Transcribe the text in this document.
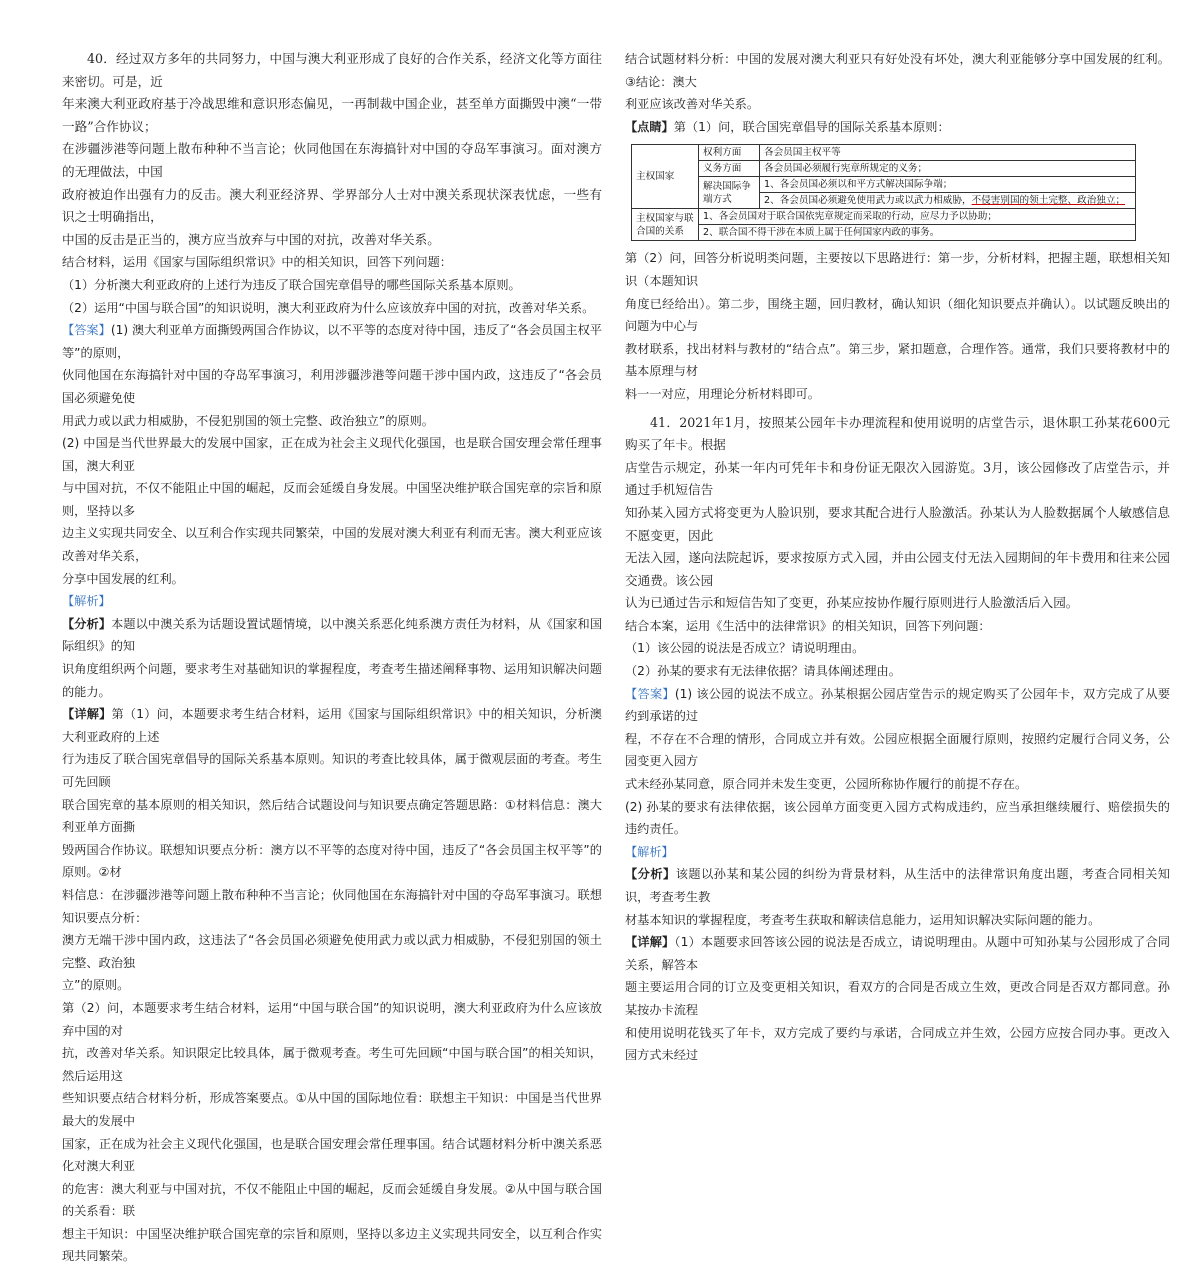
40．经过双方多年的共同努力，中国与澳大利亚形成了良好的合作关系，经济文化等方面往来密切。可是，近

年来澳大利亚政府基于冷战思维和意识形态偏见，一再制裁中国企业，甚至单方面撕毁中澳“一带一路”合作协议；

在涉疆涉港等问题上散布种种不当言论；伙同他国在东海搞针对中国的夺岛军事演习。面对澳方的无理做法，中国

政府被迫作出强有力的反击。澳大利亚经济界、学界部分人士对中澳关系现状深表忧虑，一些有识之士明确指出，

中国的反击是正当的，澳方应当放弃与中国的对抗，改善对华关系。

结合材料，运用《国家与国际组织常识》中的相关知识，回答下列问题：

（1）分析澳大利亚政府的上述行为违反了联合国宪章倡导的哪些国际关系基本原则。

（2）运用“中国与联合国”的知识说明，澳大利亚政府为什么应该放弃中国的对抗，改善对华关系。

【答案】(1) 澳大利亚单方面撕毁两国合作协议，以不平等的态度对待中国，违反了“各会员国主权平等”的原则，

伙同他国在东海搞针对中国的夺岛军事演习，利用涉疆涉港等问题干涉中国内政，这违反了“各会员国必须避免使

用武力或以武力相威胁，不侵犯别国的领土完整、政治独立”的原则。

(2) 中国是当代世界最大的发展中国家，正在成为社会主义现代化强国，也是联合国安理会常任理事国，澳大利亚

与中国对抗，不仅不能阻止中国的崛起，反而会延缓自身发展。中国坚决维护联合国宪章的宗旨和原则，坚持以多

边主义实现共同安全、以互利合作实现共同繁荣，中国的发展对澳大利亚有利而无害。澳大利亚应该改善对华关系，

分享中国发展的红利。

【解析】

【分析】本题以中澳关系为话题设置试题情境，以中澳关系恶化纯系澳方责任为材料，从《国家和国际组织》的知

识角度组织两个问题，要求考生对基础知识的掌握程度，考查考生描述阐释事物、运用知识解决问题的能力。

【详解】第（1）问，本题要求考生结合材料，运用《国家与国际组织常识》中的相关知识，分析澳大利亚政府的上述

行为违反了联合国宪章倡导的国际关系基本原则。知识的考查比较具体，属于微观层面的考查。考生可先回顾

联合国宪章的基本原则的相关知识，然后结合试题设问与知识要点确定答题思路：①材料信息：澳大利亚单方面撕

毁两国合作协议。联想知识要点分析：澳方以不平等的态度对待中国，违反了“各会员国主权平等”的原则。②材

料信息：在涉疆涉港等问题上散布种种不当言论；伙同他国在东海搞针对中国的夺岛军事演习。联想知识要点分析：

澳方无端干涉中国内政，这违法了“各会员国必须避免使用武力或以武力相威胁，不侵犯别国的领土完整、政治独

立”的原则。

第（2）问，本题要求考生结合材料，运用“中国与联合国”的知识说明，澳大利亚政府为什么应该放弃中国的对

抗，改善对华关系。知识限定比较具体，属于微观考查。考生可先回顾“中国与联合国”的相关知识，然后运用这

些知识要点结合材料分析，形成答案要点。①从中国的国际地位看：联想主干知识：中国是当代世界最大的发展中

国家，正在成为社会主义现代化强国，也是联合国安理会常任理事国。结合试题材料分析中澳关系恶化对澳大利亚

的危害：澳大利亚与中国对抗，不仅不能阻止中国的崛起，反而会延缓自身发展。②从中国与联合国的关系看：联

想主干知识：中国坚决维护联合国宪章的宗旨和原则，坚持以多边主义实现共同安全，以互利合作实现共同繁荣。

结合试题材料分析：中国的发展对澳大利亚只有好处没有坏处，澳大利亚能够分享中国发展的红利。③结论：澳大

利亚应该改善对华关系。

【点睛】第（1）问，联合国宪章倡导的国际关系基本原则：

主权国家	权利方面	各会员国主权平等
	义务方面	各会员国必须履行宪章所规定的义务；
	解决国际争端方式	1、各会员国必须以和平方式解决国际争端；
		2、各会员国必须避免使用武力或以武力相威胁，不侵害别国的领土完整、政治独立；
主权国家与联合国的关系	1、各会员国对于联合国依宪章规定而采取的行动，应尽力予以协助；	
	2、联合国不得干涉在本质上属于任何国家内政的事务。	

第（2）问，回答分析说明类问题，主要按以下思路进行：第一步，分析材料，把握主题，联想相关知识（本题知识

角度已经给出）。第二步，围绕主题，回归教材，确认知识（细化知识要点并确认）。以试题反映出的问题为中心与

教材联系，找出材料与教材的“结合点”。第三步，紧扣题意，合理作答。通常，我们只要将教材中的基本原理与材

料一一对应，用理论分析材料即可。

41．2021年1月，按照某公园年卡办理流程和使用说明的店堂告示，退休职工孙某花600元购买了年卡。根据

店堂告示规定，孙某一年内可凭年卡和身份证无限次入园游览。3月，该公园修改了店堂告示，并通过手机短信告

知孙某入园方式将变更为人脸识别，要求其配合进行人脸激活。孙某认为人脸数据属个人敏感信息不愿变更，因此

无法入园，遂向法院起诉，要求按原方式入园，并由公园支付无法入园期间的年卡费用和往来公园交通费。该公园

认为已通过告示和短信告知了变更，孙某应按协作履行原则进行人脸激活后入园。

结合本案，运用《生活中的法律常识》的相关知识，回答下列问题：

（1）该公园的说法是否成立？请说明理由。

（2）孙某的要求有无法律依据？请具体阐述理由。

【答案】(1) 该公园的说法不成立。孙某根据公园店堂告示的规定购买了公园年卡，双方完成了从要约到承诺的过

程，不存在不合理的情形，合同成立并有效。公园应根据全面履行原则，按照约定履行合同义务，公园变更入园方

式未经孙某同意，原合同并未发生变更，公园所称协作履行的前提不存在。

(2) 孙某的要求有法律依据，该公园单方面变更入园方式构成违约，应当承担继续履行、赔偿损失的违约责任。

【解析】

【分析】该题以孙某和某公园的纠纷为背景材料，从生活中的法律常识角度出题，考查合同相关知识，考查考生教

材基本知识的掌握程度，考查考生获取和解读信息能力，运用知识解决实际问题的能力。

【详解】（1）本题要求回答该公园的说法是否成立，请说明理由。从题中可知孙某与公园形成了合同关系，解答本

题主要运用合同的订立及变更相关知识，看双方的合同是否成立生效，更改合同是否双方都同意。孙某按办卡流程

和使用说明花钱买了年卡，双方完成了要约与承诺，合同成立并生效，公园方应按合同办事。更改入园方式未经过
